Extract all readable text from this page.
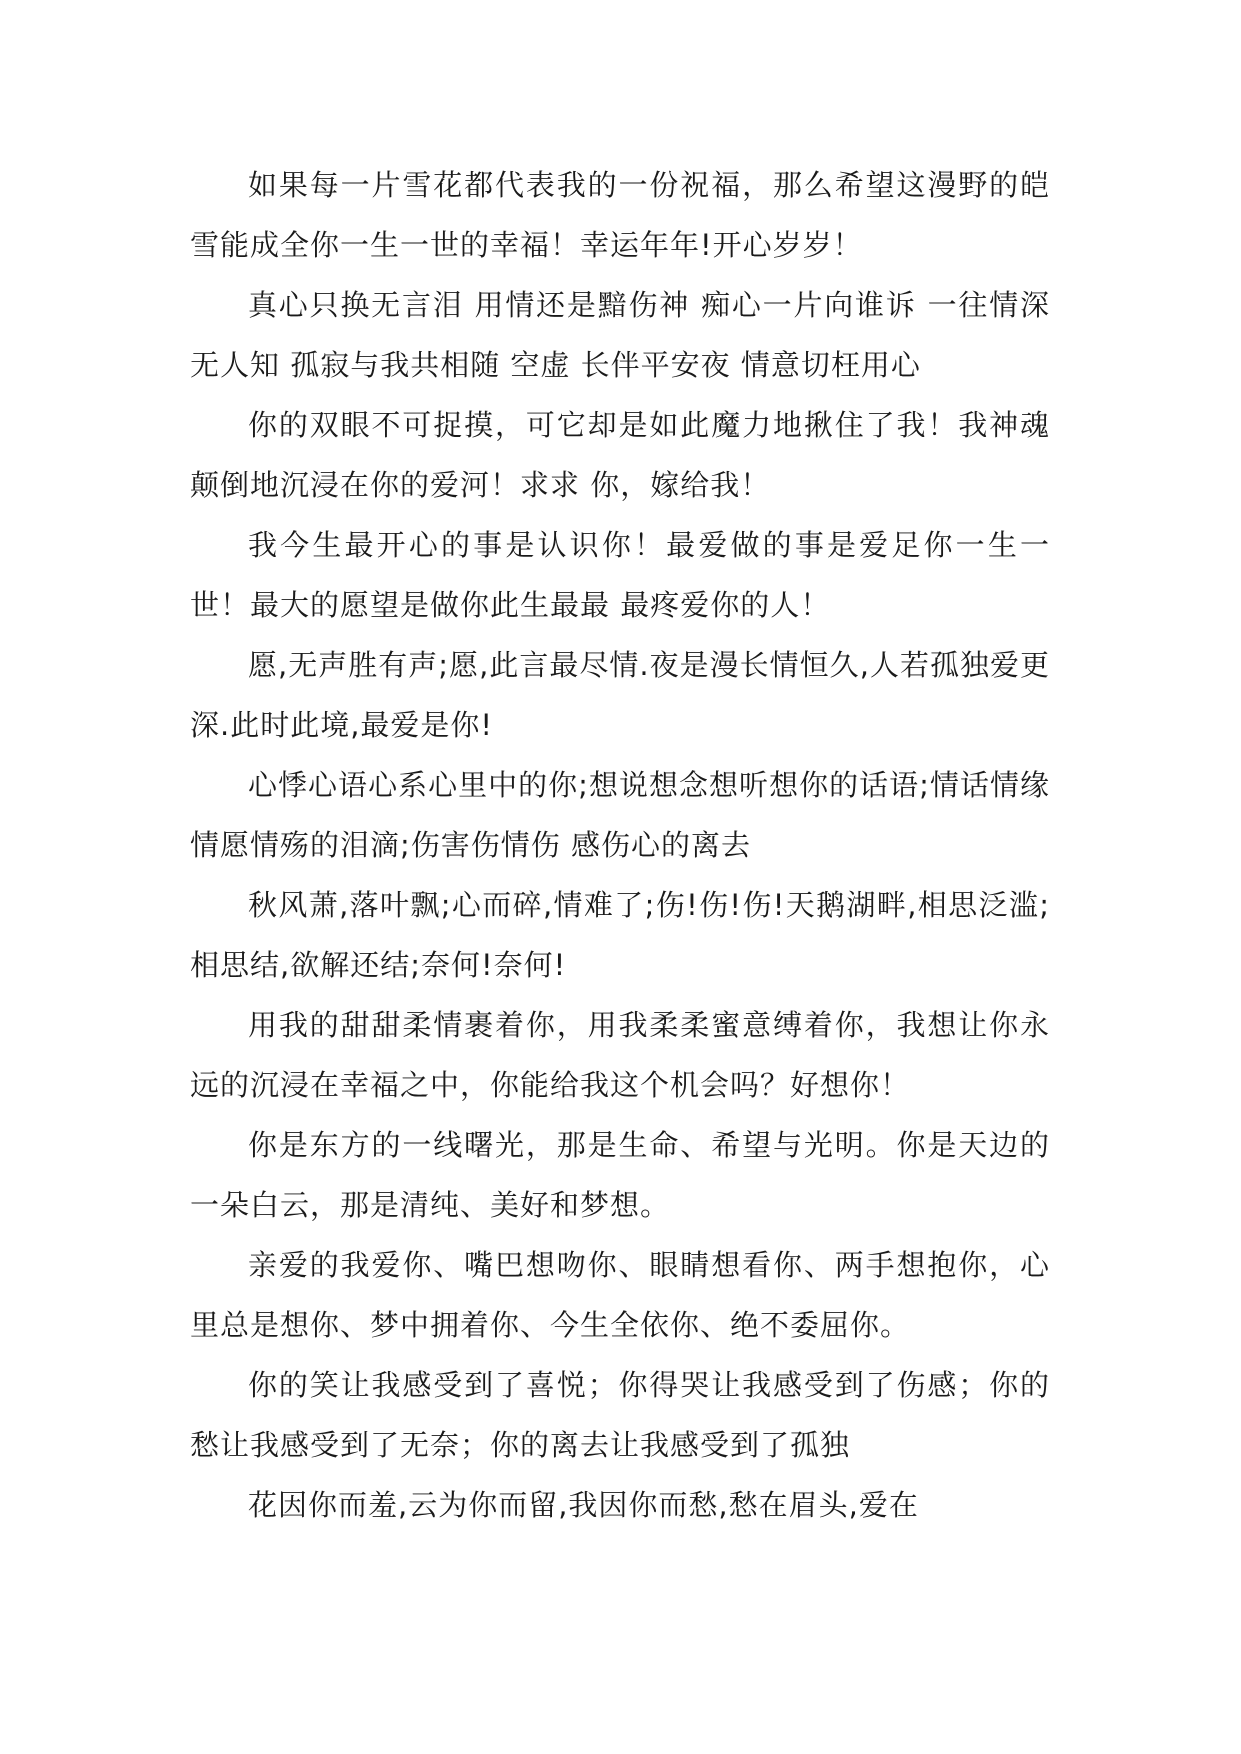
如果每一片雪花都代表我的一份祝福，那么希望这漫野的皑雪能成全你一生一世的幸福！幸运年年!开心岁岁！

真心只换无言泪 用情还是黯伤神 痴心一片向谁诉 一往情深无人知 孤寂与我共相随 空虚 长伴平安夜 情意切枉用心

你的双眼不可捉摸，可它却是如此魔力地揪住了我！我神魂颠倒地沉浸在你的爱河！求求 你，嫁给我！

我今生最开心的事是认识你！最爱做的事是爱足你一生一世！最大的愿望是做你此生最最 最疼爱你的人！

愿,无声胜有声;愿,此言最尽情.夜是漫长情恒久,人若孤独爱更深.此时此境,最爱是你!

心悸心语心系心里中的你;想说想念想听想你的话语;情话情缘情愿情殇的泪滴;伤害伤情伤 感伤心的离去

秋风萧,落叶飘;心而碎,情难了;伤!伤!伤!天鹅湖畔,相思泛滥;相思结,欲解还结;奈何!奈何!

用我的甜甜柔情裹着你，用我柔柔蜜意缚着你，我想让你永远的沉浸在幸福之中，你能给我这个机会吗？好想你！

你是东方的一线曙光，那是生命、希望与光明。你是天边的一朵白云，那是清纯、美好和梦想。

亲爱的我爱你、嘴巴想吻你、眼睛想看你、两手想抱你，心里总是想你、梦中拥着你、今生全依你、绝不委屈你。

你的笑让我感受到了喜悦；你得哭让我感受到了伤感；你的愁让我感受到了无奈；你的离去让我感受到了孤独

花因你而羞,云为你而留,我因你而愁,愁在眉头,爱在
